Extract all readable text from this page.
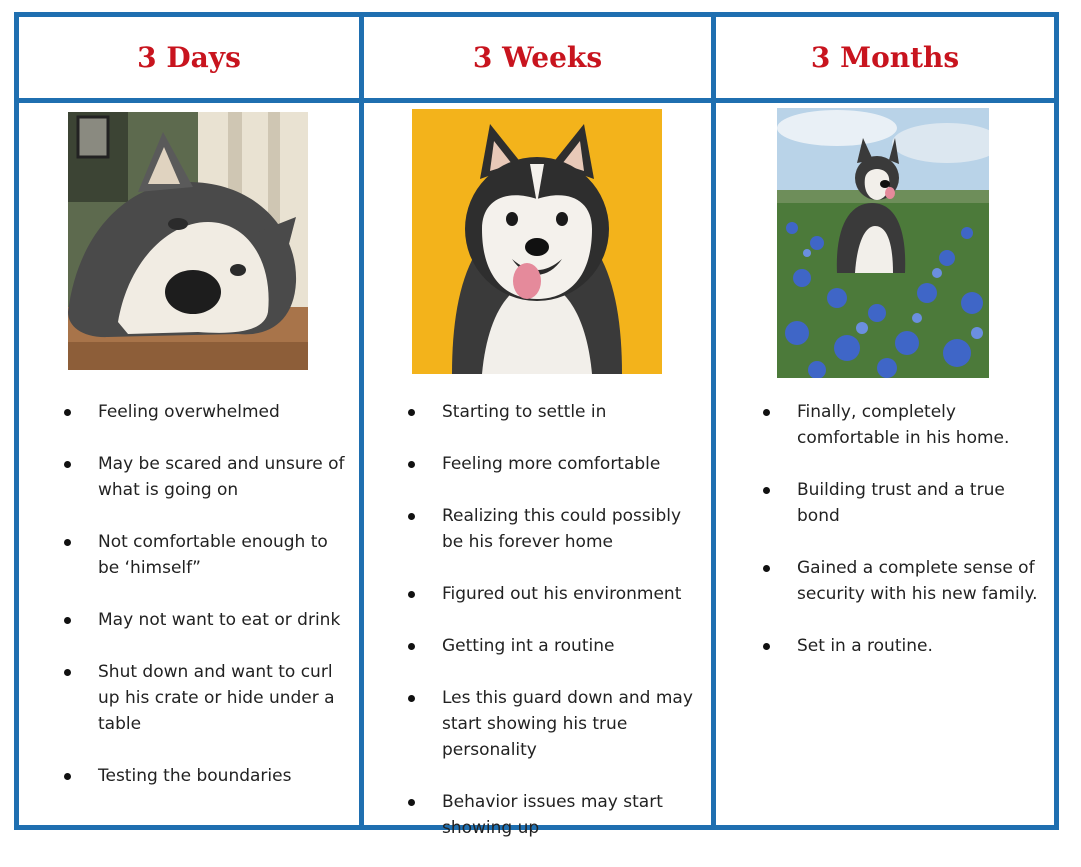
3 Days	3 Weeks	3 Months
Feeling overwhelmed
May be scared and unsure of what is going on
Not comfortable enough to be ‘himself”
May not want to eat or drink
Shut down and want to curl up his crate or hide under a table
Testing the boundaries
Starting to settle in
Feeling more comfortable
Realizing this could possibly be his forever home
Figured out his environment
Getting int a routine
Les this guard down and may start showing his true personality
Behavior issues may start showing up
Finally, completely comfortable in his home.
Building trust and a true bond
Gained a complete sense of security with his new family.
Set in a routine.
